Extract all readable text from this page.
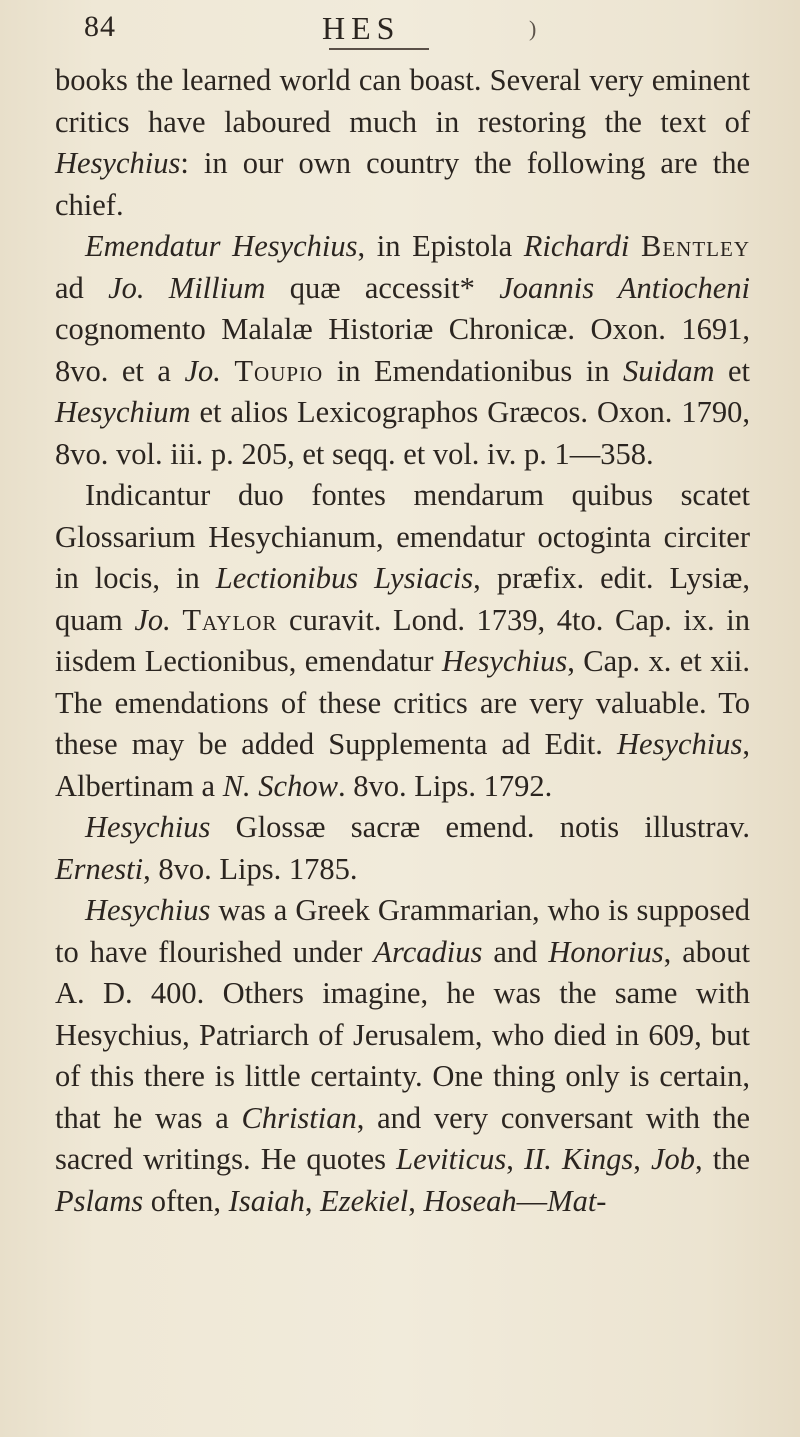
84	HES	)

books the learned world can boast. Several very eminent critics have laboured much in restoring the text of Hesychius: in our own country the following are the chief.

Emendatur Hesychius, in Epistola Richardi Bentley ad Jo. Millium quæ accessit* Joannis Antiocheni cognomento Malalæ Historiæ Chronicæ. Oxon. 1691, 8vo. et a Jo. Toupio in Emendationibus in Suidam et Hesychium et alios Lexicographos Græcos. Oxon. 1790, 8vo. vol. iii. p. 205, et seqq. et vol. iv. p. 1—358.

Indicantur duo fontes mendarum quibus scatet Glossarium Hesychianum, emendatur octoginta circiter in locis, in Lectionibus Lysiacis, præfix. edit. Lysiæ, quam Jo. Taylor curavit. Lond. 1739, 4to. Cap. ix. in iisdem Lectionibus, emendatur Hesychius, Cap. x. et xii. The emendations of these critics are very valuable. To these may be added Supplementa ad Edit. Hesychius, Albertinam a N. Schow. 8vo. Lips. 1792.

Hesychius Glossæ sacræ emend. notis illustrav. Ernesti, 8vo. Lips. 1785.

Hesychius was a Greek Grammarian, who is supposed to have flourished under Arcadius and Honorius, about A. D. 400. Others imagine, he was the same with Hesychius, Patriarch of Jerusalem, who died in 609, but of this there is little certainty. One thing only is certain, that he was a Christian, and very conversant with the sacred writings. He quotes Leviticus, II. Kings, Job, the Pslams often, Isaiah, Ezekiel, Hoseah—Mat-
